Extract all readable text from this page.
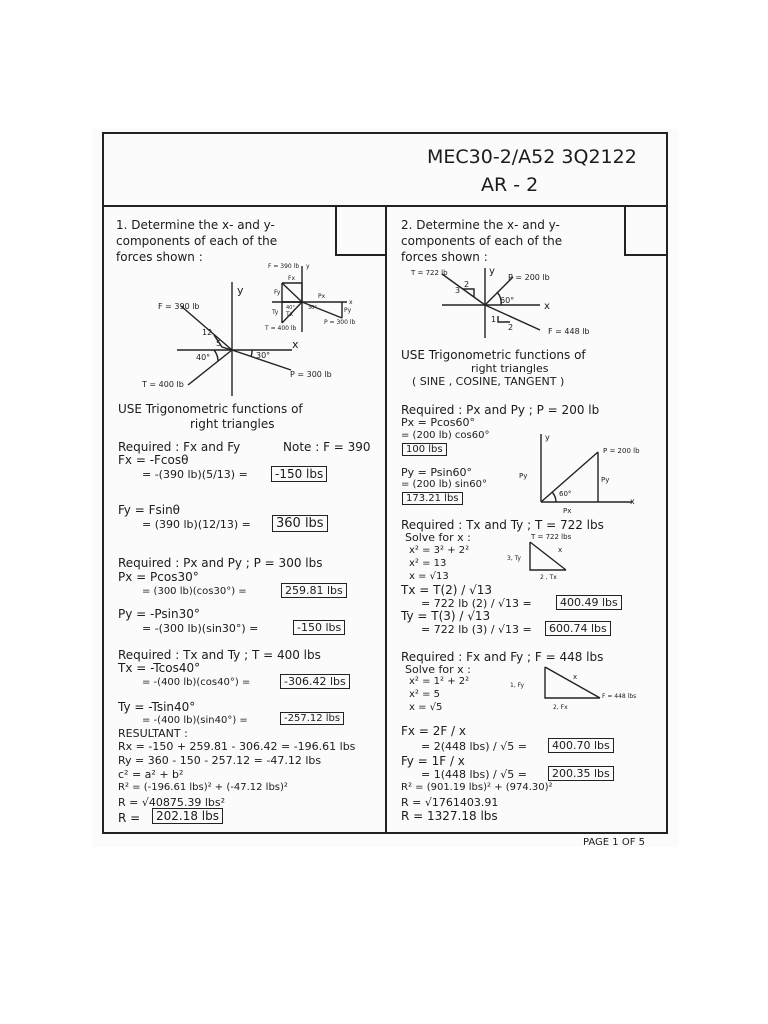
MEC30-2/A52 3Q2122
AR - 2
1. Determine the x- and y-
components of each of the
forces shown :
F = 390 lb
P = 300 lb
T = 400 lb
y
x
12
5
40°	30°
F = 390 lb
P = 300 lb
T = 400 lb
y
x
Fx
Fy
Px
Py
Tx
Ty
40°	30°
USE Trigonometric functions of
right triangles
Required : Fx and Fy	Note : F = 390
Fx = -Fcosθ
= -(390 lb)(5/13) =	-150 lbs
Fy = Fsinθ
= (390 lb)(12/13) =	360 lbs
Required : Px and Py ; P = 300 lbs
Px = Pcos30°
= (300 lb)(cos30°) =	259.81 lbs
Py = -Psin30°
= -(300 lb)(sin30°) =	-150 lbs
Required : Tx and Ty ; T = 400 lbs
Tx = -Tcos40°
= -(400 lb)(cos40°) =	-306.42 lbs
Ty = -Tsin40°
= -(400 lb)(sin40°) =	-257.12 lbs
RESULTANT :
Rx = -150 + 259.81 - 306.42 = -196.61 lbs
Ry = 360 - 150 - 257.12 = -47.12 lbs
c² = a² + b²
R² = (-196.61 lbs)² + (-47.12 lbs)²
R = √40875.39 lbs²
R =	202.18 lbs
2. Determine the x- and y-
components of each of the
forces shown :
T = 722 lb	P = 200 lb
F = 448 lb
y
x
3
2
1
2
60°
y
x
P = 200 lb
Py	Py
Px
60°
T = 722 lbs
3, Ty
x
2 , Tx
F = 448 lbs
1, Fy
x
2, Fx
USE Trigonometric functions of
right triangles
( SINE , COSINE, TANGENT )
Required : Px and Py ; P = 200 lb
Px = Pcos60°
= (200 lb) cos60°
100 lbs
Py = Psin60°
= (200 lb) sin60°
173.21 lbs
Required : Tx and Ty ; T = 722 lbs
Solve for x :
x² = 3² + 2²
x² = 13
x = √13
Tx = T(2) / √13
= 722 lb (2) / √13 =	400.49 lbs
Ty = T(3) / √13
= 722 lb (3) / √13 =	600.74 lbs
Required : Fx and Fy ; F = 448 lbs
Solve for x :
x² = 1² + 2²
x² = 5
x = √5
Fx = 2F / x
= 2(448 lbs) / √5 =	400.70 lbs
Fy = 1F / x
= 1(448 lbs) / √5 =	200.35 lbs
R² = (901.19 lbs)² + (974.30)²
R = √1761403.91
R = 1327.18 lbs
PAGE 1 OF 5
